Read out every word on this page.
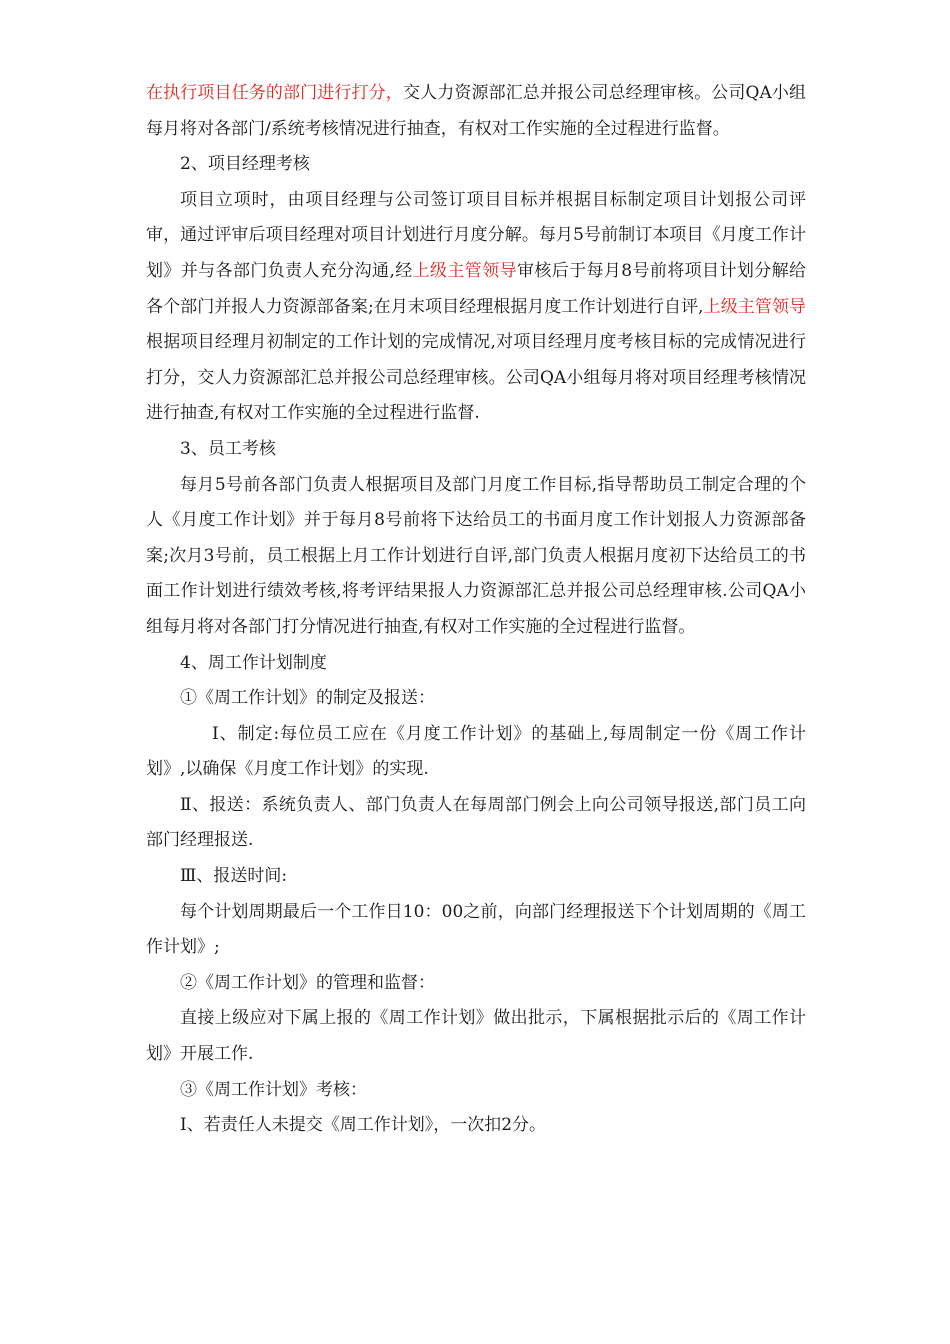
在执行项目任务的部门进行打分，交人力资源部汇总并报公司总经理审核。公司QA小组每月将对各部门/系统考核情况进行抽查，有权对工作实施的全过程进行监督。

2、项目经理考核

项目立项时，由项目经理与公司签订项目目标并根据目标制定项目计划报公司评审，通过评审后项目经理对项目计划进行月度分解。每月5号前制订本项目《月度工作计划》并与各部门负责人充分沟通,经上级主管领导审核后于每月8号前将项目计划分解给各个部门并报人力资源部备案;在月末项目经理根据月度工作计划进行自评,上级主管领导根据项目经理月初制定的工作计划的完成情况,对项目经理月度考核目标的完成情况进行打分，交人力资源部汇总并报公司总经理审核。公司QA小组每月将对项目经理考核情况进行抽查,有权对工作实施的全过程进行监督.

3、员工考核

每月5号前各部门负责人根据项目及部门月度工作目标,指导帮助员工制定合理的个人《月度工作计划》并于每月8号前将下达给员工的书面月度工作计划报人力资源部备案;次月3号前，员工根据上月工作计划进行自评,部门负责人根据月度初下达给员工的书面工作计划进行绩效考核,将考评结果报人力资源部汇总并报公司总经理审核.公司QA小组每月将对各部门打分情况进行抽查,有权对工作实施的全过程进行监督。

4、周工作计划制度

①《周工作计划》的制定及报送：

Ⅰ、制定:每位员工应在《月度工作计划》的基础上,每周制定一份《周工作计划》,以确保《月度工作计划》的实现.

Ⅱ、报送：系统负责人、部门负责人在每周部门例会上向公司领导报送,部门员工向部门经理报送.

Ⅲ、报送时间:

每个计划周期最后一个工作日10：00之前，向部门经理报送下个计划周期的《周工作计划》;

②《周工作计划》的管理和监督：

直接上级应对下属上报的《周工作计划》做出批示，下属根据批示后的《周工作计划》开展工作.

③《周工作计划》考核：

Ⅰ、若责任人未提交《周工作计划》，一次扣2分。
